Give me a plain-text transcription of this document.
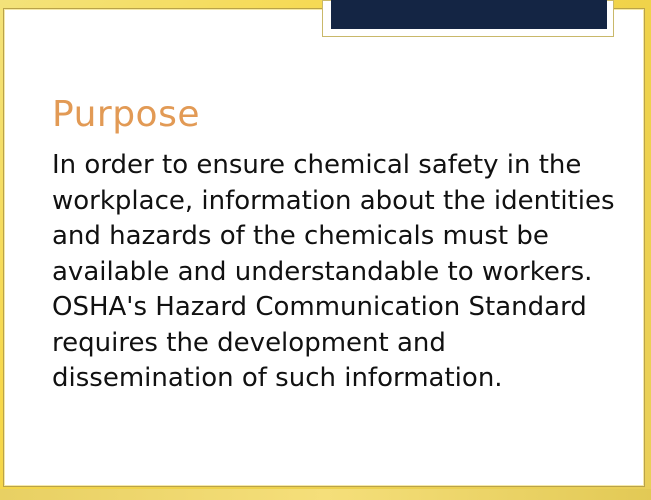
Purpose
In order to ensure chemical safety in the workplace, information about the identities and hazards of the chemicals must be available and understandable to workers. OSHA's Hazard Communication Standard requires the development and dissemination of such information.
